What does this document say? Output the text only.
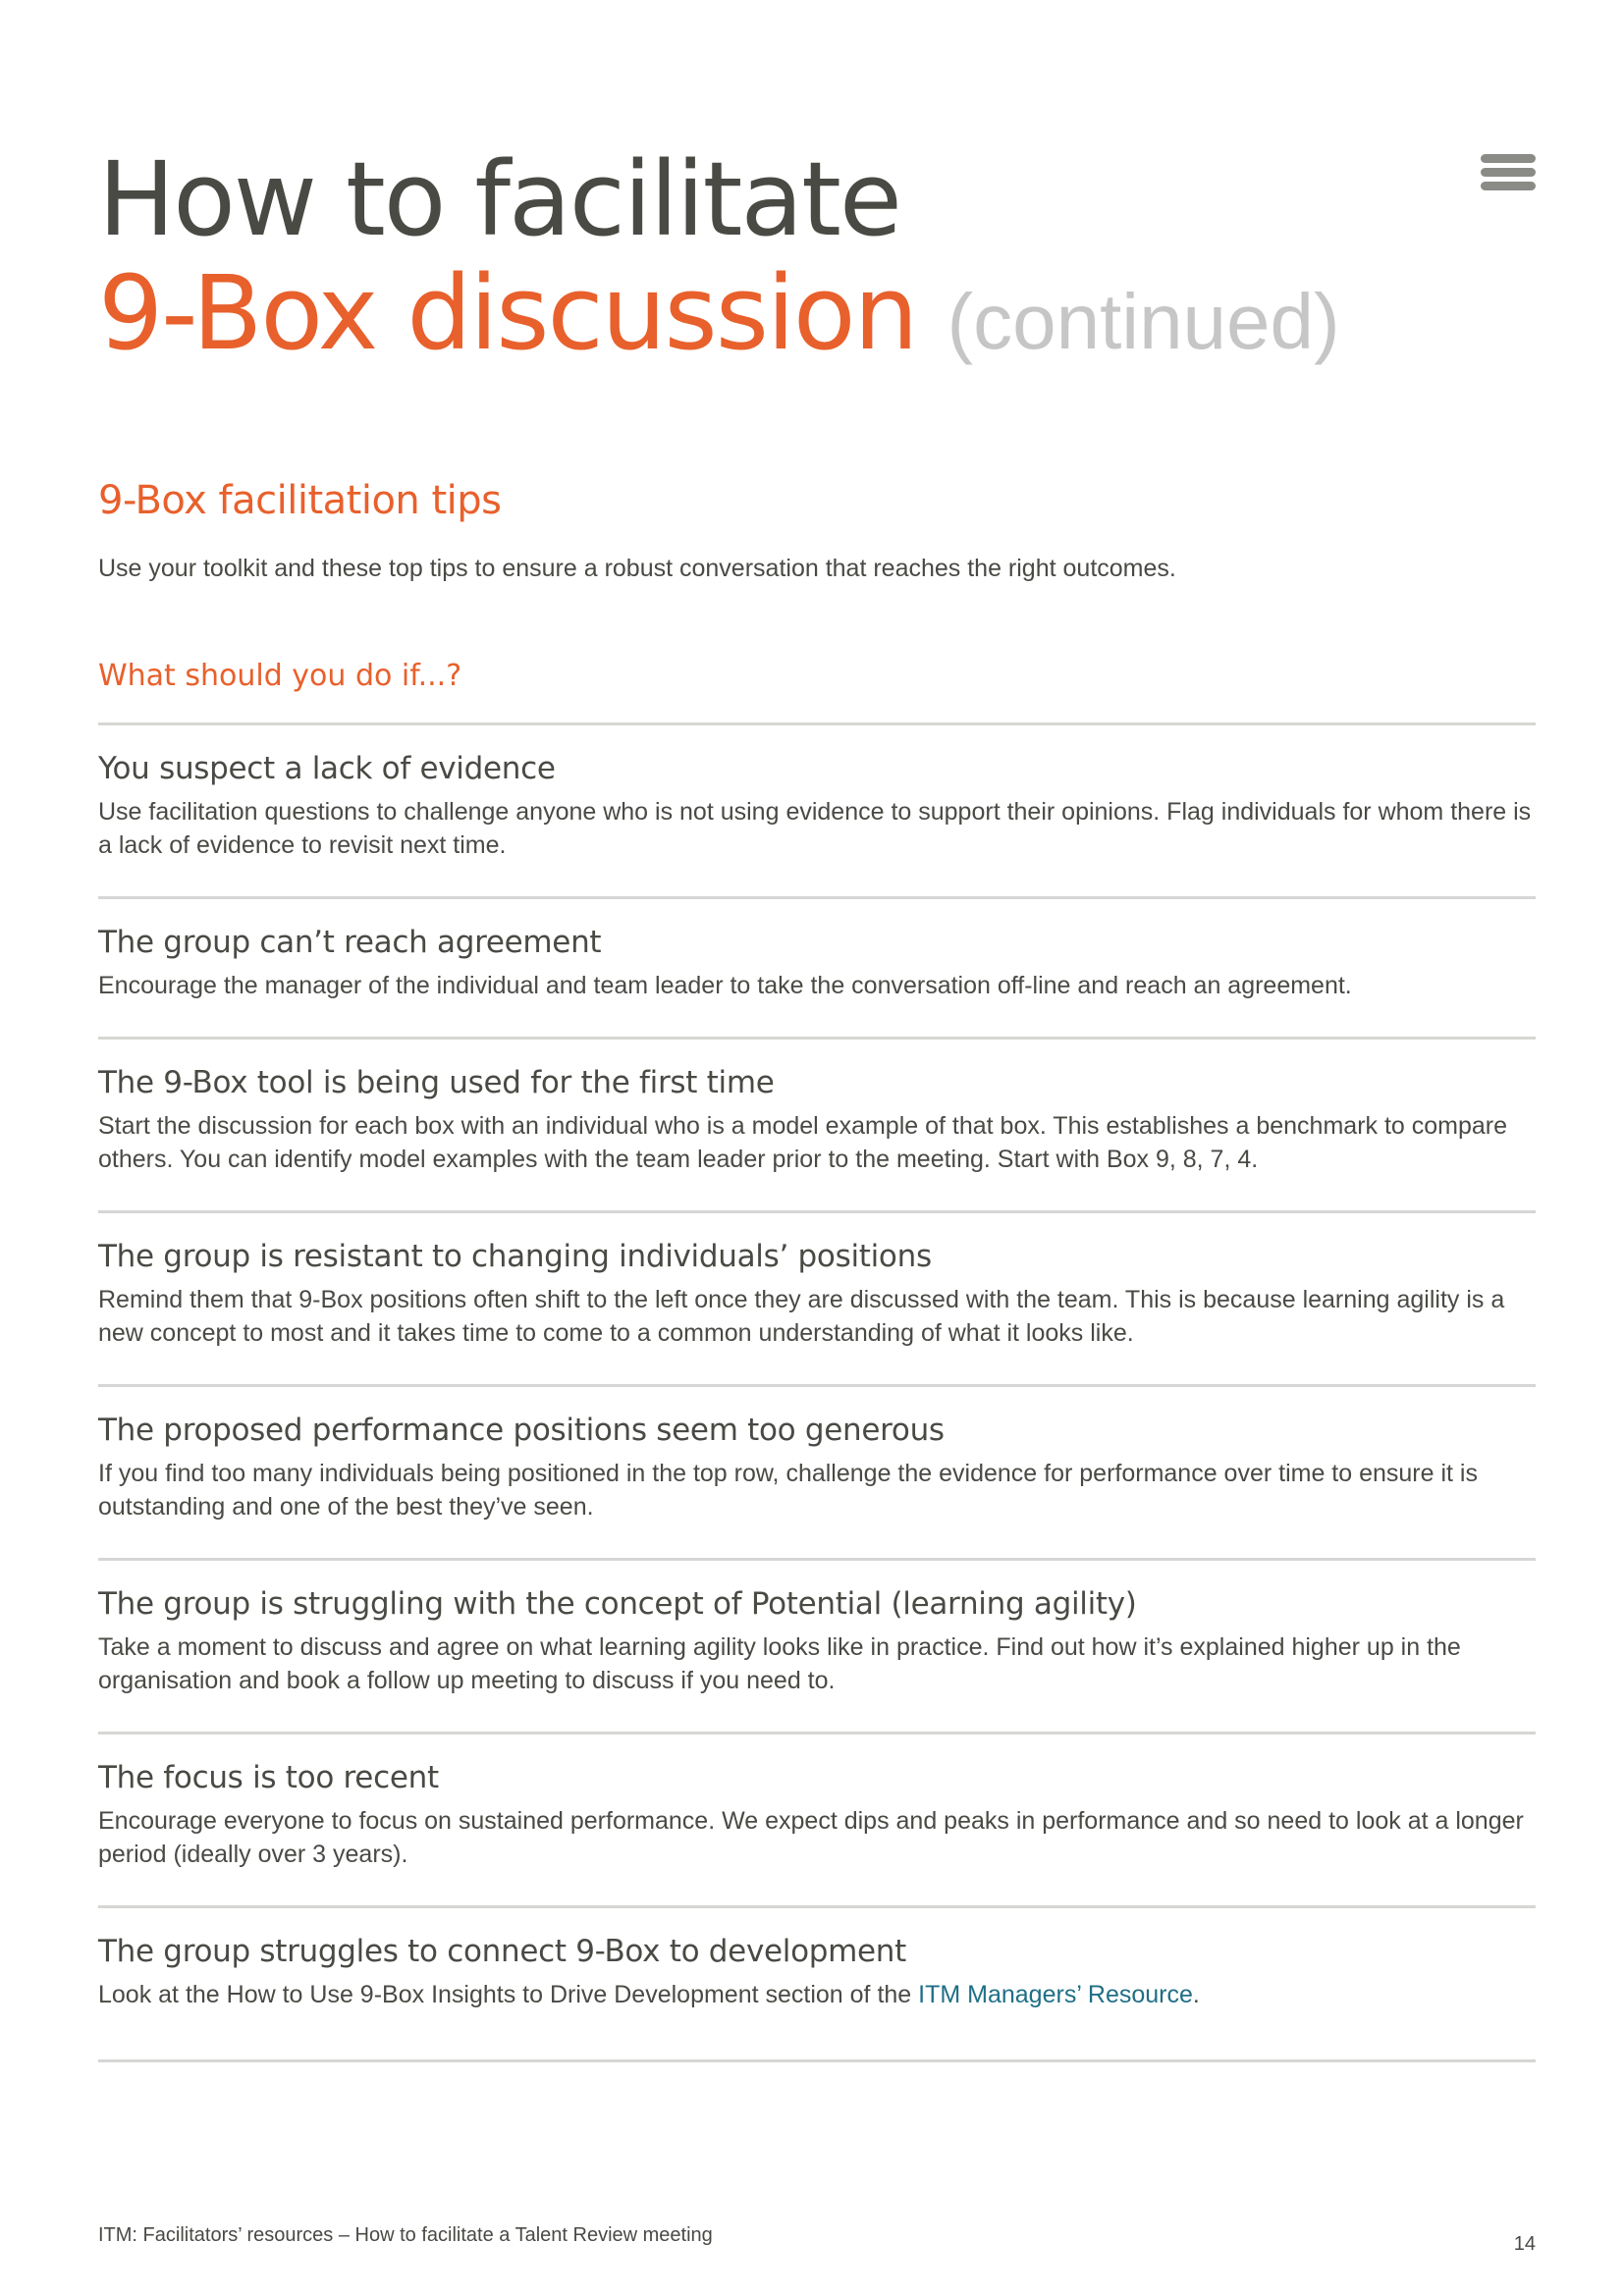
How to facilitate
9-Box discussion (continued)
9-Box facilitation tips

Use your toolkit and these top tips to ensure a robust conversation that reaches the right outcomes.

What should you do if...?
You suspect a lack of evidence

Use facilitation questions to challenge anyone who is not using evidence to support their opinions. Flag individuals for whom there is a lack of evidence to revisit next time.

The group can’t reach agreement

Encourage the manager of the individual and team leader to take the conversation off-line and reach an agreement.

The 9-Box tool is being used for the first time

Start the discussion for each box with an individual who is a model example of that box. This establishes a benchmark to compare others. You can identify model examples with the team leader prior to the meeting. Start with Box 9, 8, 7, 4.

The group is resistant to changing individuals’ positions

Remind them that 9-Box positions often shift to the left once they are discussed with the team. This is because learning agility is a new concept to most and it takes time to come to a common understanding of what it looks like.

The proposed performance positions seem too generous

If you find too many individuals being positioned in the top row, challenge the evidence for performance over time to ensure it is outstanding and one of the best they’ve seen.

The group is struggling with the concept of Potential (learning agility)

Take a moment to discuss and agree on what learning agility looks like in practice. Find out how it’s explained higher up in the organisation and book a follow up meeting to discuss if you need to.

The focus is too recent

Encourage everyone to focus on sustained performance. We expect dips and peaks in performance and so need to look at a longer period (ideally over 3 years).

The group struggles to connect 9-Box to development

Look at the How to Use 9-Box Insights to Drive Development section of the ITM Managers’ Resource.

ITM: Facilitators’ resources – How to facilitate a Talent Review meeting	14
